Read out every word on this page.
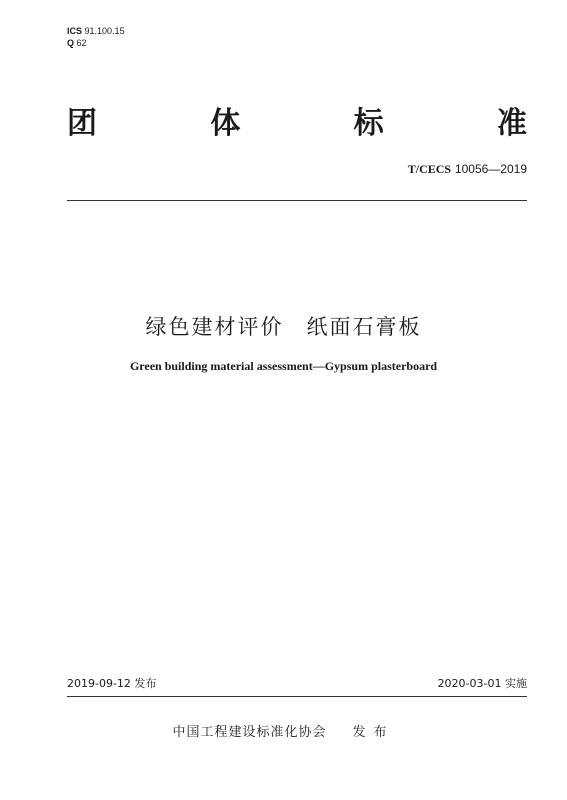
ICS 91.100.15
Q 62
团	体	标	准
T/CECS 10056—2019
绿色建材评价　纸面石膏板
Green building material assessment—Gypsum plasterboard
2019-09-12 发布	2020-03-01 实施
中国工程建设标准化协会 发布
